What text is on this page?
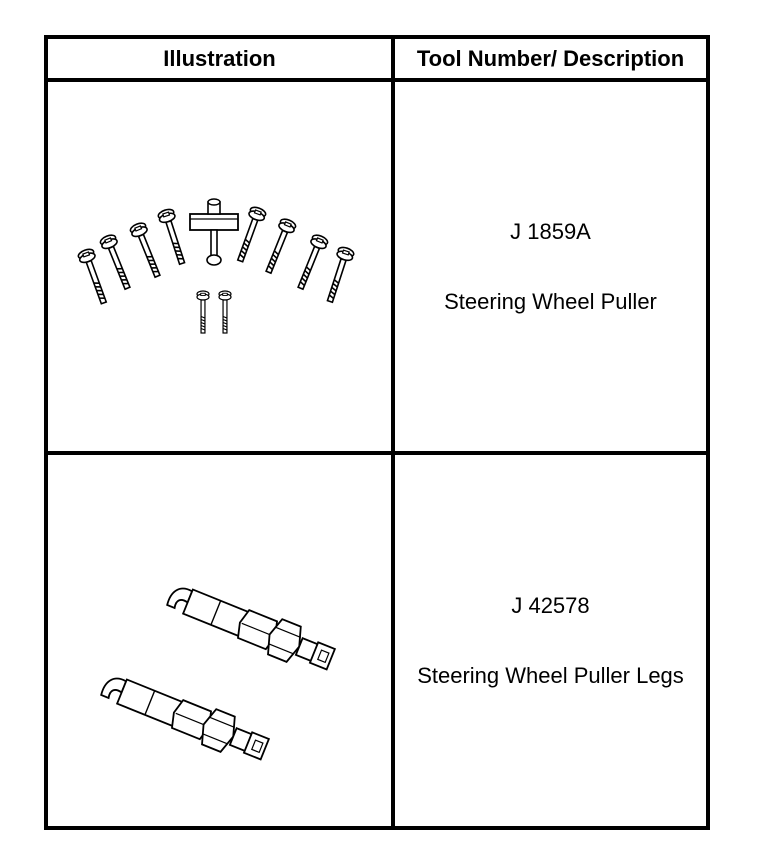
Illustration	Tool Number/ Description
J 1859A
Steering Wheel Puller
J 42578
Steering Wheel Puller Legs
